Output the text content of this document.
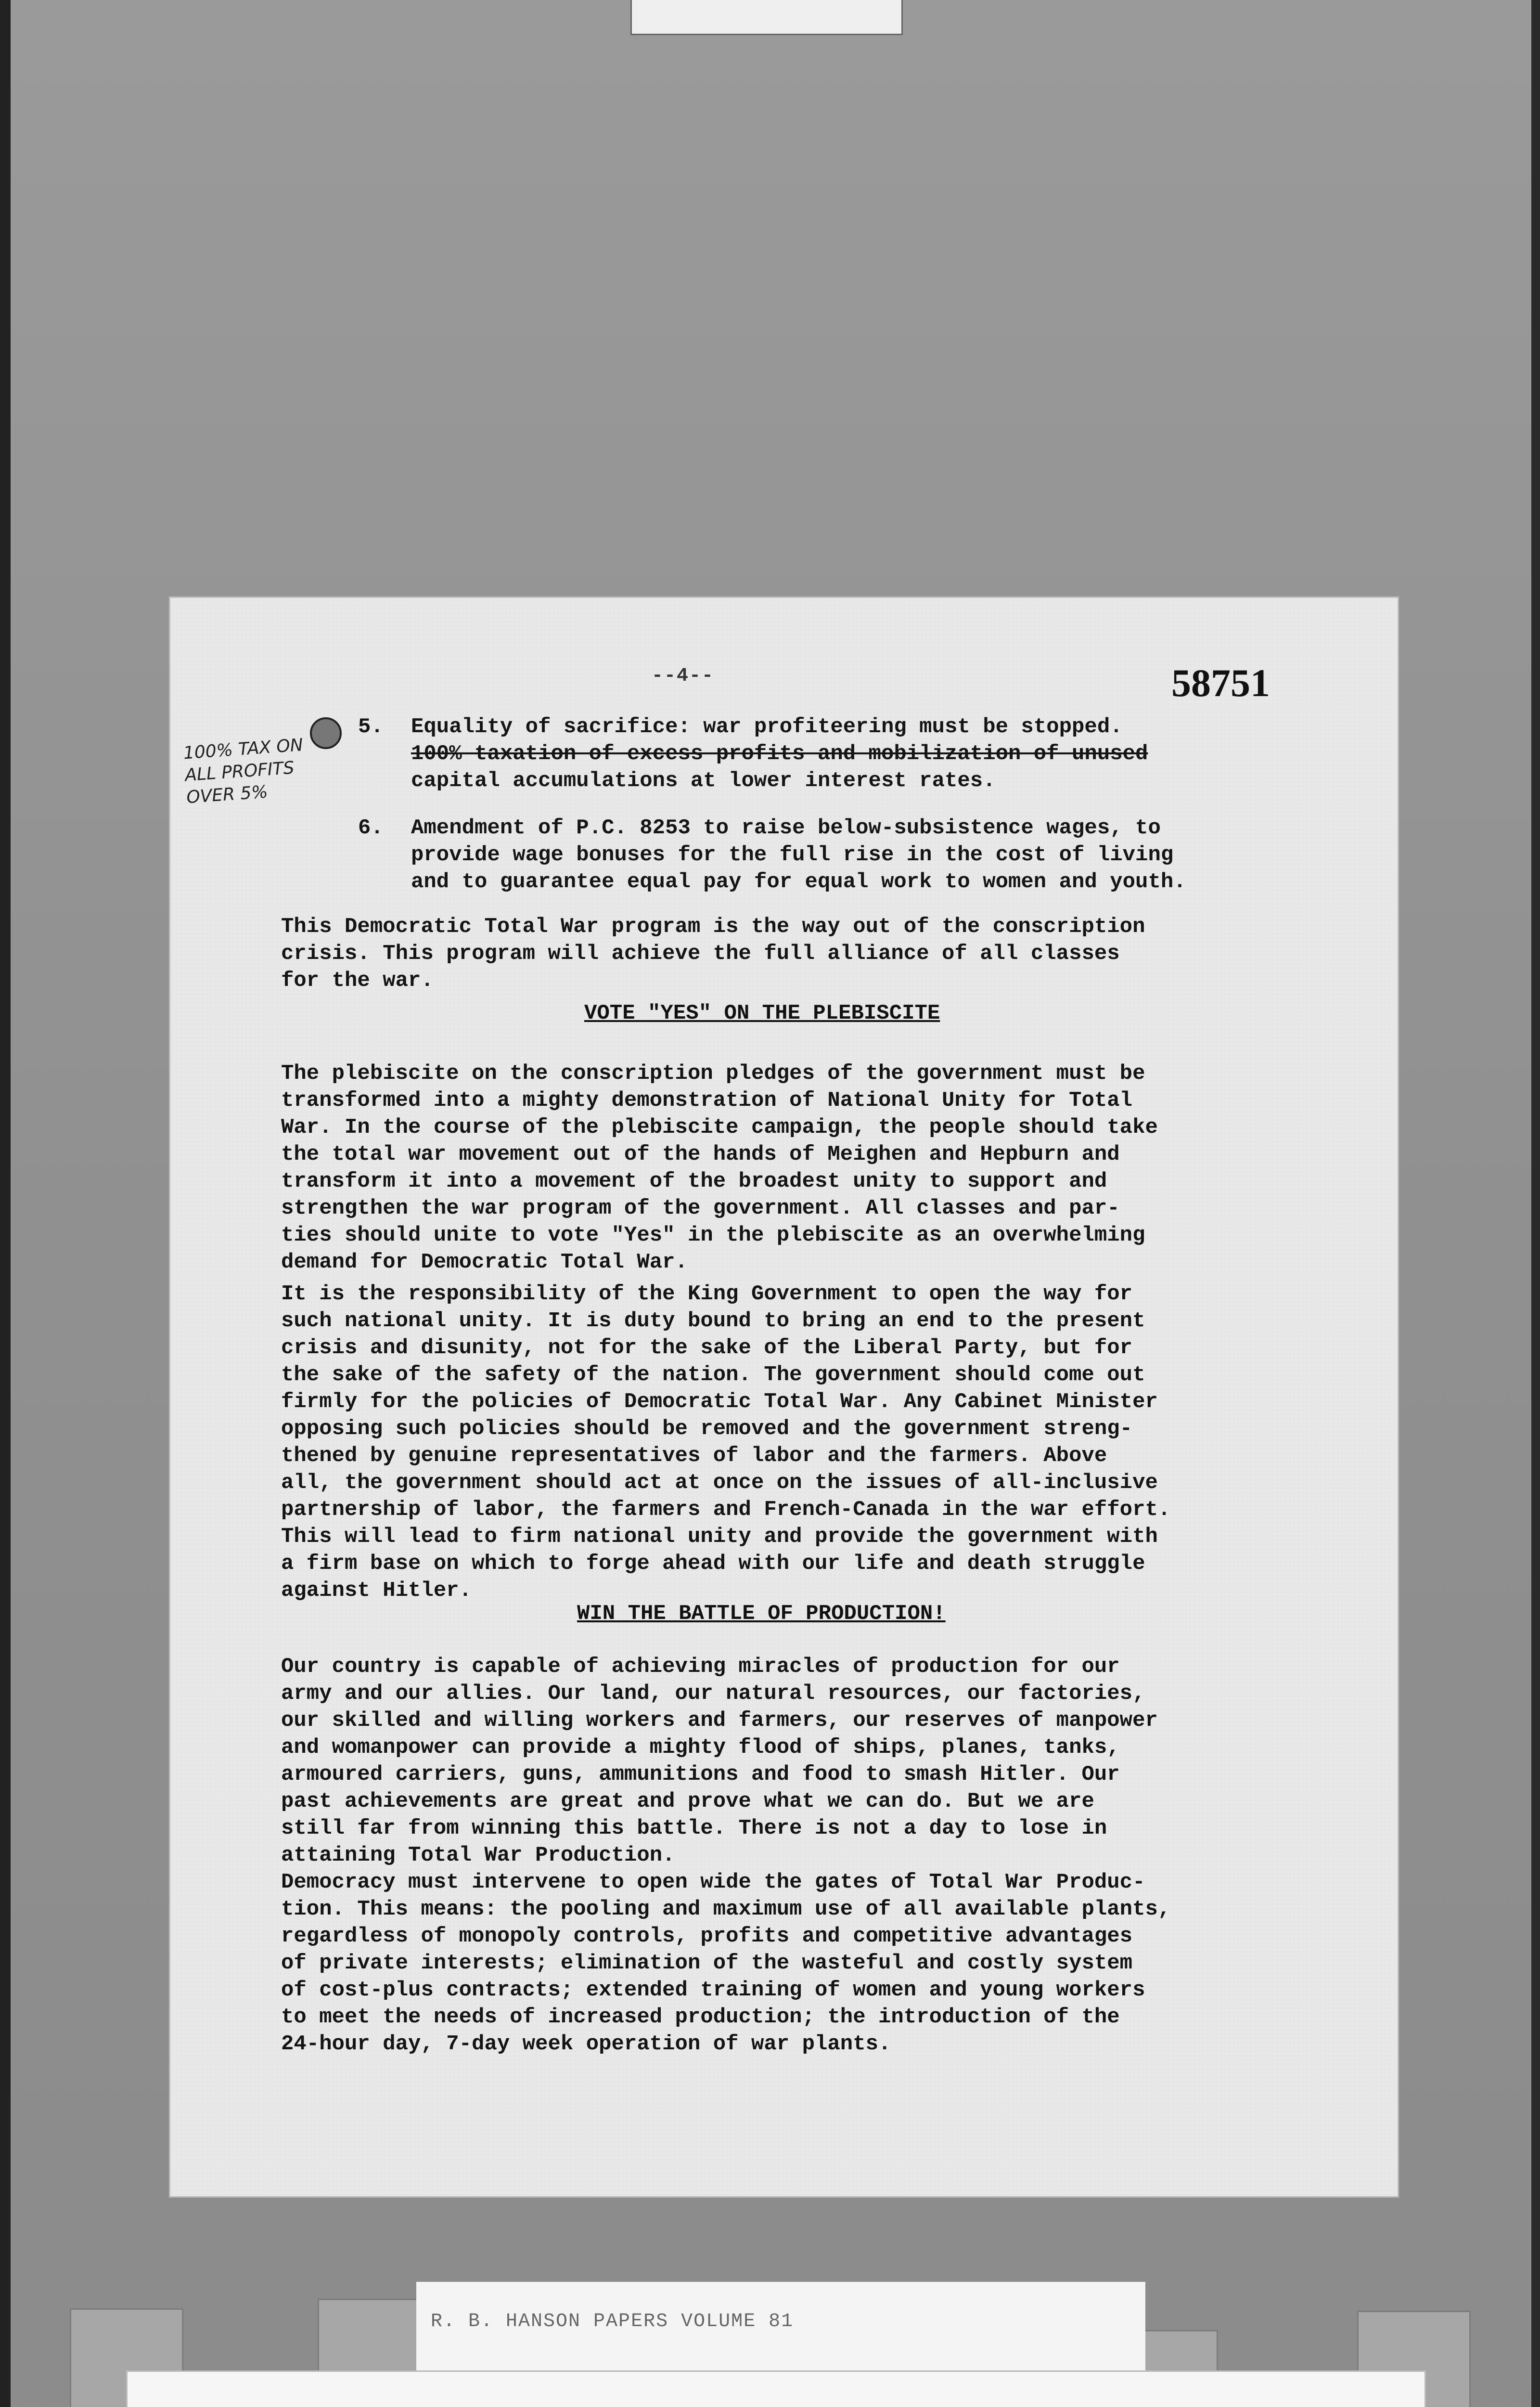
--4--	58751
100% TAX ON ALL PROFITS OVER 5%
5. Equality of sacrifice: war profiteering must be stopped.
100% taxation of excess profits and mobilization of unused
capital accumulations at lower interest rates.
6. Amendment of P.C. 8253 to raise below-subsistence wages, to
provide wage bonuses for the full rise in the cost of living
and to guarantee equal pay for equal work to women and youth.
This Democratic Total War program is the way out of the conscription
crisis. This program will achieve the full alliance of all classes
for the war.
VOTE "YES" ON THE PLEBISCITE
The plebiscite on the conscription pledges of the government must be
transformed into a mighty demonstration of National Unity for Total
War. In the course of the plebiscite campaign, the people should take
the total war movement out of the hands of Meighen and Hepburn and
transform it into a movement of the broadest unity to support and
strengthen the war program of the government. All classes and par-
ties should unite to vote "Yes" in the plebiscite as an overwhelming
demand for Democratic Total War.
It is the responsibility of the King Government to open the way for
such national unity. It is duty bound to bring an end to the present
crisis and disunity, not for the sake of the Liberal Party, but for
the sake of the safety of the nation. The government should come out
firmly for the policies of Democratic Total War. Any Cabinet Minister
opposing such policies should be removed and the government streng-
thened by genuine representatives of labor and the farmers. Above
all, the government should act at once on the issues of all-inclusive
partnership of labor, the farmers and French-Canada in the war effort.
This will lead to firm national unity and provide the government with
a firm base on which to forge ahead with our life and death struggle
against Hitler.
WIN THE BATTLE OF PRODUCTION!
Our country is capable of achieving miracles of production for our
army and our allies. Our land, our natural resources, our factories,
our skilled and willing workers and farmers, our reserves of manpower
and womanpower can provide a mighty flood of ships, planes, tanks,
armoured carriers, guns, ammunitions and food to smash Hitler. Our
past achievements are great and prove what we can do. But we are
still far from winning this battle. There is not a day to lose in
attaining Total War Production.
Democracy must intervene to open wide the gates of Total War Produc-
tion. This means: the pooling and maximum use of all available plants,
regardless of monopoly controls, profits and competitive advantages
of private interests; elimination of the wasteful and costly system
of cost-plus contracts; extended training of women and young workers
to meet the needs of increased production; the introduction of the
24-hour day, 7-day week operation of war plants.
R. B. HANSON PAPERS VOLUME 81
